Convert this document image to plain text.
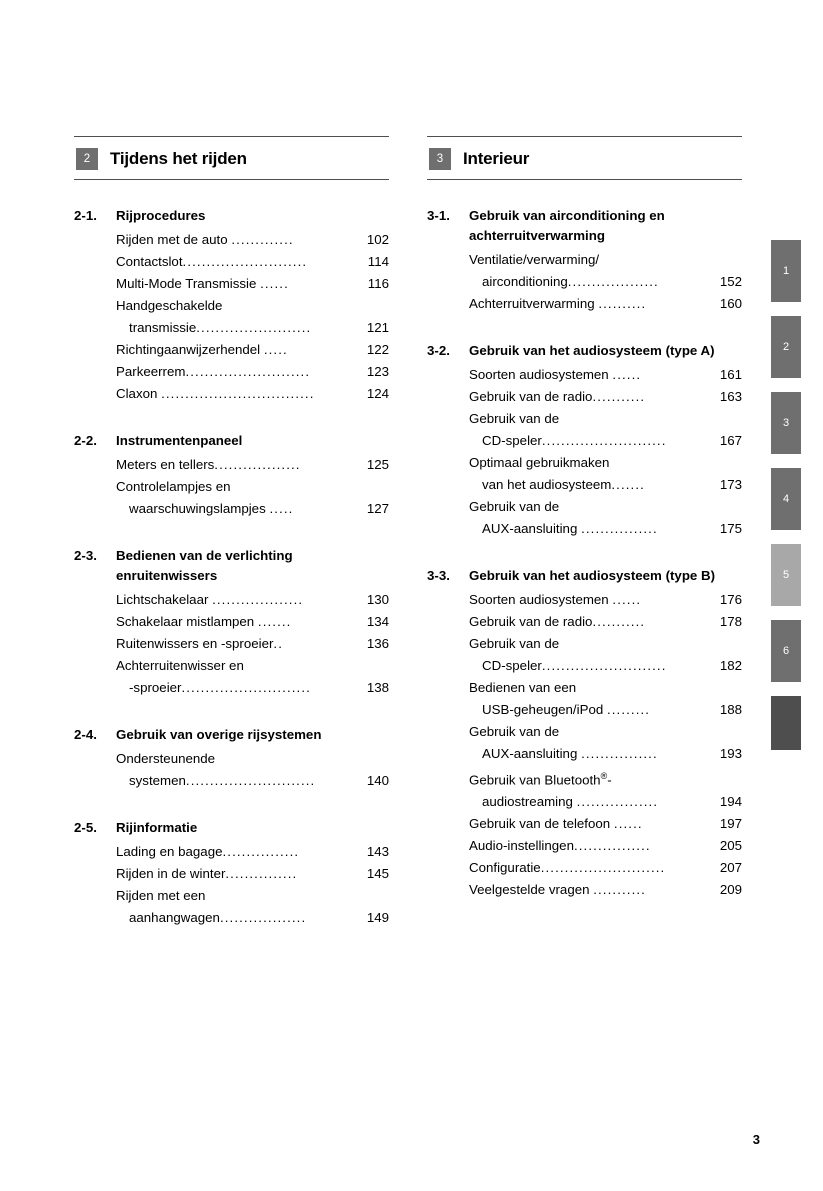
1
2
3
4
5
6
2	Tijdens het rijden
2-1.	Rijprocedures
Rijden met de auto .............	102
Contactslot..........................	114
Multi-Mode Transmissie ......	116
Handgeschakelde
transmissie........................	121
Richtingaanwijzerhendel .....	122
Parkeerrem..........................	123
Claxon ................................	124
2-2.	Instrumentenpaneel
Meters en tellers..................	125
Controlelampjes en
waarschuwingslampjes .....	127
2-3.	Bedienen van de verlichting enruitenwissers
Lichtschakelaar ...................	130
Schakelaar mistlampen .......	134
Ruitenwissers en -sproeier..	136
Achterruitenwisser en
-sproeier...........................	138
2-4.	Gebruik van overige rijsystemen
Ondersteunende
systemen...........................	140
2-5.	Rijinformatie
Lading en bagage................	143
Rijden in de winter...............	145
Rijden met een
aanhangwagen..................	149
3	Interieur
3-1.	Gebruik van airconditioning en achterruitverwarming
Ventilatie/verwarming/
airconditioning...................	152
Achterruitverwarming ..........	160
3-2.	Gebruik van het audiosysteem (type A)
Soorten audiosystemen ......	161
Gebruik van de radio...........	163
Gebruik van de
CD-speler..........................	167
Optimaal gebruikmaken
van het audiosysteem.......	173
Gebruik van de
AUX-aansluiting ................	175
3-3.	Gebruik van het audiosysteem (type B)
Soorten audiosystemen ......	176
Gebruik van de radio...........	178
Gebruik van de
CD-speler..........................	182
Bedienen van een
USB-geheugen/iPod .........	188
Gebruik van de
AUX-aansluiting ................	193
Gebruik van Bluetooth®-
audiostreaming .................	194
Gebruik van de telefoon ......	197
Audio-instellingen................	205
Configuratie..........................	207
Veelgestelde vragen ...........	209
3
